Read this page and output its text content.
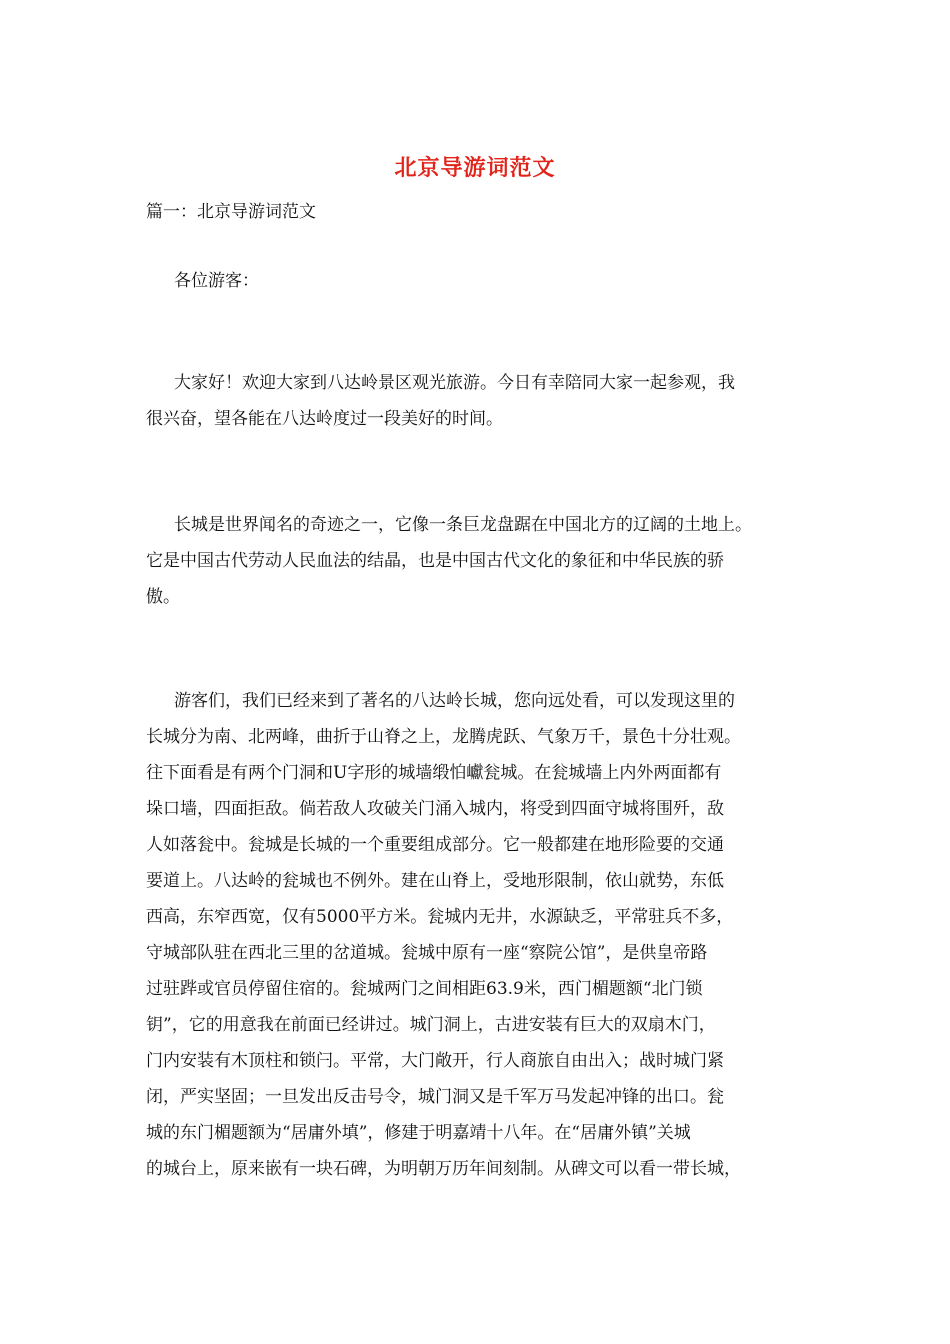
北京导游词范文
篇一：北京导游词范文
各位游客：
大家好！欢迎大家到八达岭景区观光旅游。今日有幸陪同大家一起参观，我
很兴奋，望各能在八达岭度过一段美好的时间。
长城是世界闻名的奇迹之一，它像一条巨龙盘踞在中国北方的辽阔的土地上。
它是中国古代劳动人民血法的结晶，也是中国古代文化的象征和中华民族的骄
傲。
游客们，我们已经来到了著名的八达岭长城，您向远处看，可以发现这里的
长城分为南、北两峰，曲折于山脊之上，龙腾虎跃、气象万千，景色十分壮观。
往下面看是有两个门洞和U字形的城墙缎怕巘瓮城。在瓮城墙上内外两面都有
垛口墙，四面拒敌。倘若敌人攻破关门涌入城内，将受到四面守城将围歼，敌
人如落瓮中。瓮城是长城的一个重要组成部分。它一般都建在地形险要的交通
要道上。八达岭的瓮城也不例外。建在山脊上，受地形限制，依山就势，东低
西高，东窄西宽，仅有5000平方米。瓮城内无井，水源缺乏，平常驻兵不多，
守城部队驻在西北三里的岔道城。瓮城中原有一座“察院公馆”，是供皇帝路
过驻跸或官员停留住宿的。瓮城两门之间相距63.9米，西门楣题额“北门锁
钥”，它的用意我在前面已经讲过。城门洞上，古进安装有巨大的双扇木门，
门内安装有木顶柱和锁闩。平常，大门敞开，行人商旅自由出入；战时城门紧
闭，严实坚固；一旦发出反击号令，城门洞又是千军万马发起冲锋的出口。瓮
城的东门楣题额为“居庸外填”，修建于明嘉靖十八年。在“居庸外镇”关城
的城台上，原来嵌有一块石碑，为明朝万历年间刻制。从碑文可以看一带长城，
